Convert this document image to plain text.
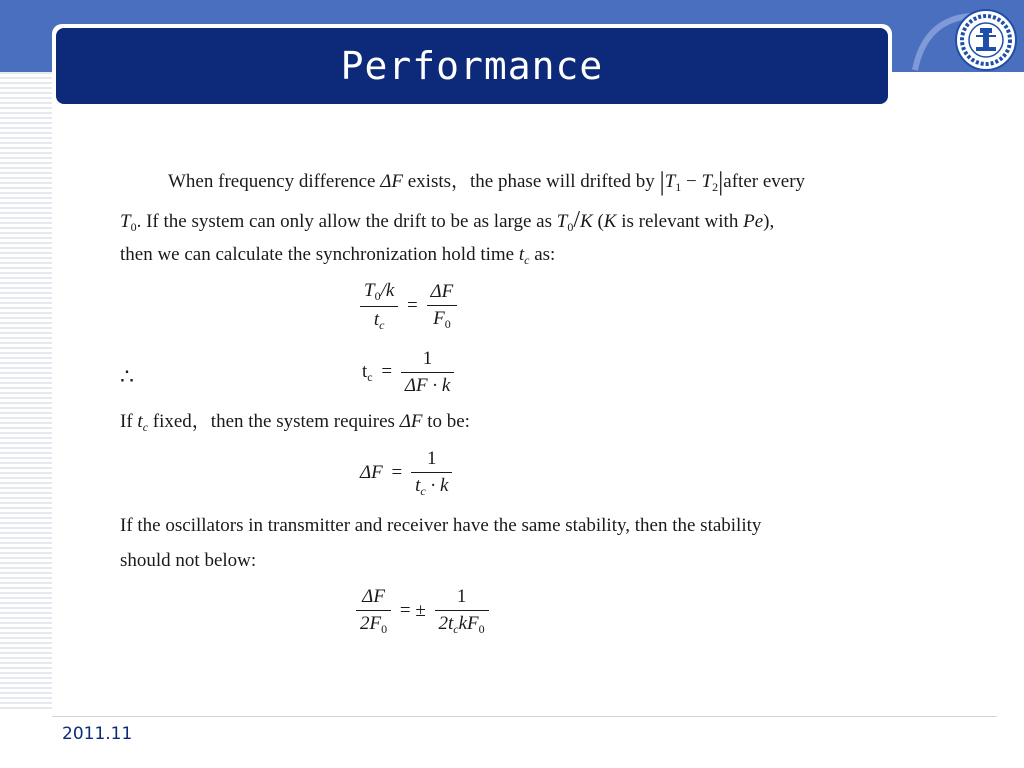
Performance
When frequency difference ΔF exists，the phase will drifted by $|T_1$ − $T_2|after$ every
$T_0$. If the system can only allow the drift to be as large as $T_0/K$ (K is relevant with Pe),
then we can calculate the synchronization hold time $t_c$ as:
$\frac{T_0/k}{t_c} = \frac{\Delta F}{F_0}$
∴	$t_c = \frac{1}{\Delta F \cdot k}$
If $t_c$ fixed，then the system requires ΔF to be:
$\Delta F = \frac{1}{t_c \cdot k}$
If the oscillators in transmitter and receiver have the same stability, then the stability
should not below:
$\frac{\Delta F}{2F_0}$ = ± $\frac{1}{2t_ckF_0}$
2011.11
